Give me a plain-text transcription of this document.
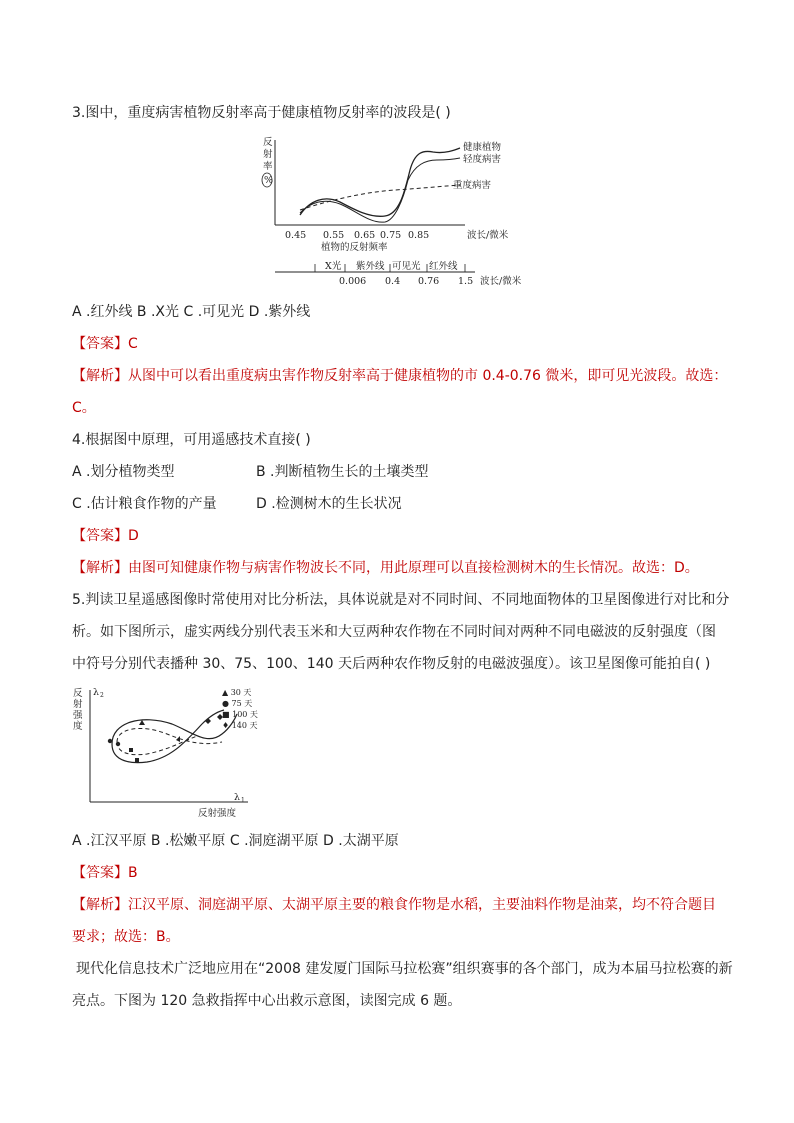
3.图中，重度病害植物反射率高于健康植物反射率的波段是( )
反
射
率
%
健康植物
轻度病害
重度病害
0.45 0.55 0.65 0.75 0.85	波长/微米
植物的反射频率
X光 紫外线 可见光 红外线
0.006 0.4 0.76 1.5 波长/微米
A .红外线 B .X光 C .可见光 D .紫外线
【答案】C
【解析】从图中可以看出重度病虫害作物反射率高于健康植物的市 0.4-0.76 微米，即可见光波段。故选：
C。
4.根据图中原理，可用遥感技术直接( )
A .划分植物类型	B .判断植物生长的土壤类型
C .估计粮食作物的产量	D .检测树木的生长状况
【答案】D
【解析】由图可知健康作物与病害作物波长不同，用此原理可以直接检测树木的生长情况。故选：D。
5.判读卫星遥感图像时常使用对比分析法，具体说就是对不同时间、不同地面物体的卫星图像进行对比和分
析。如下图所示，虚实两线分别代表玉米和大豆两种农作物在不同时间对两种不同电磁波的反射强度（图
中符号分别代表播种 30、75、100、140 天后两种农作物反射的电磁波强度）。该卫星图像可能拍自( )
反
射
强
度
λ 2
λ 1
反射强度
▲ 30 天
● 75 天
■ 100 天
♦ 140 天
A .江汉平原 B .松嫩平原 C .洞庭湖平原 D .太湖平原
【答案】B
【解析】江汉平原、洞庭湖平原、太湖平原主要的粮食作物是水稻，主要油料作物是油菜，均不符合题目
要求；故选：B。
现代化信息技术广泛地应用在“2008 建发厦门国际马拉松赛”组织赛事的各个部门，成为本届马拉松赛的新
亮点。下图为 120 急救指挥中心出救示意图，读图完成 6 题。
